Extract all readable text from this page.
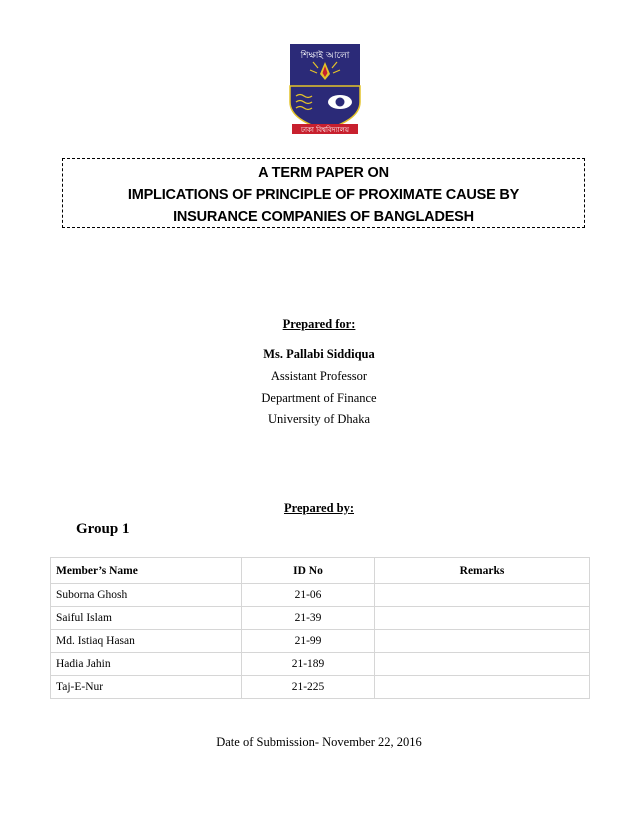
শিক্ষাই আলো
ঢাকা বিশ্ববিদ্যালয়
A TERM PAPER ON
IMPLICATIONS OF PRINCIPLE OF PROXIMATE CAUSE BY
INSURANCE COMPANIES OF BANGLADESH
Prepared for:
Ms. Pallabi Siddiqua
Assistant Professor
Department of Finance
University of Dhaka
Prepared by:
Group 1
Member’s Name	ID No	Remarks
Suborna Ghosh	21-06	
Saiful Islam	21-39	
Md. Istiaq Hasan	21-99	
Hadia Jahin	21-189	
Taj-E-Nur	21-225	
Date of Submission- November 22, 2016
